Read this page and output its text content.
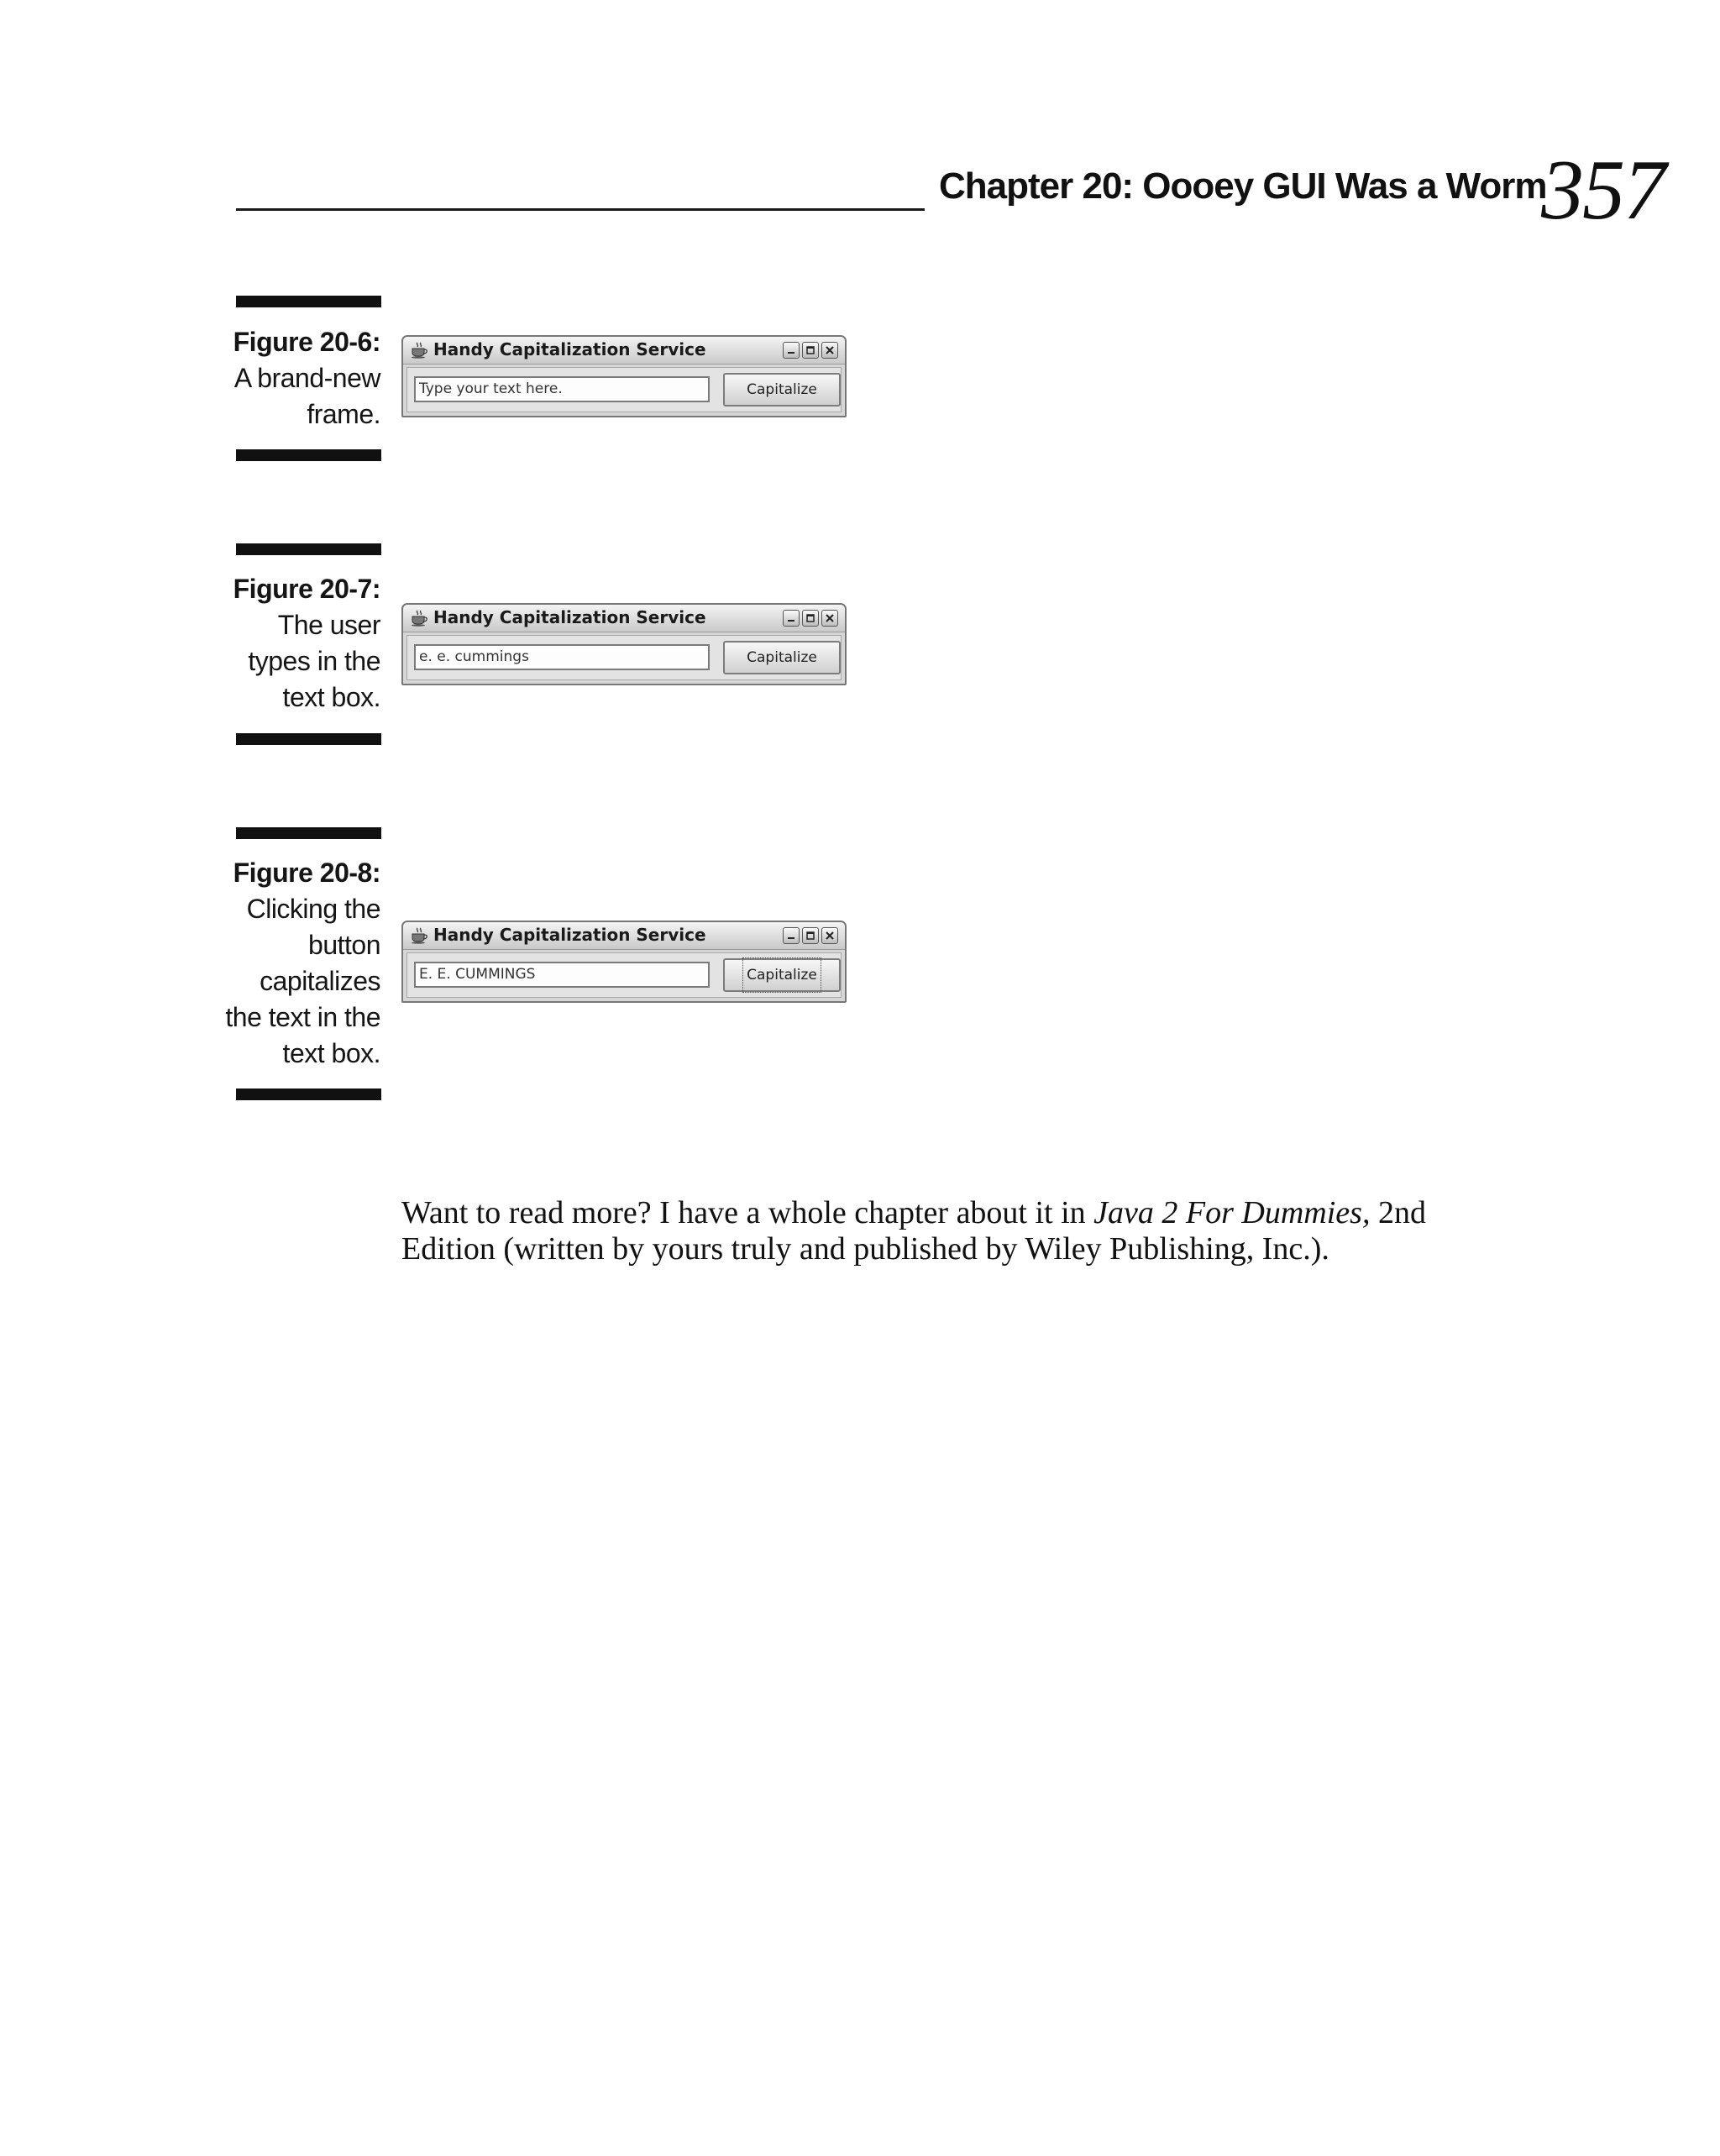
Chapter 20: Oooey GUI Was a Worm
357
Figure 20-6:
A brand-new frame.
Handy Capitalization Service
Type your text here.	Capitalize
Figure 20-7:
The user types in the text box.
Handy Capitalization Service
e. e. cummings	Capitalize
Figure 20-8:
Clicking the button capitalizes the text in the text box.
Handy Capitalization Service
E. E. CUMMINGS	Capitalize

Want to read more? I have a whole chapter about it in Java 2 For Dummies, 2nd Edition (written by yours truly and published by Wiley Publishing, Inc.).
